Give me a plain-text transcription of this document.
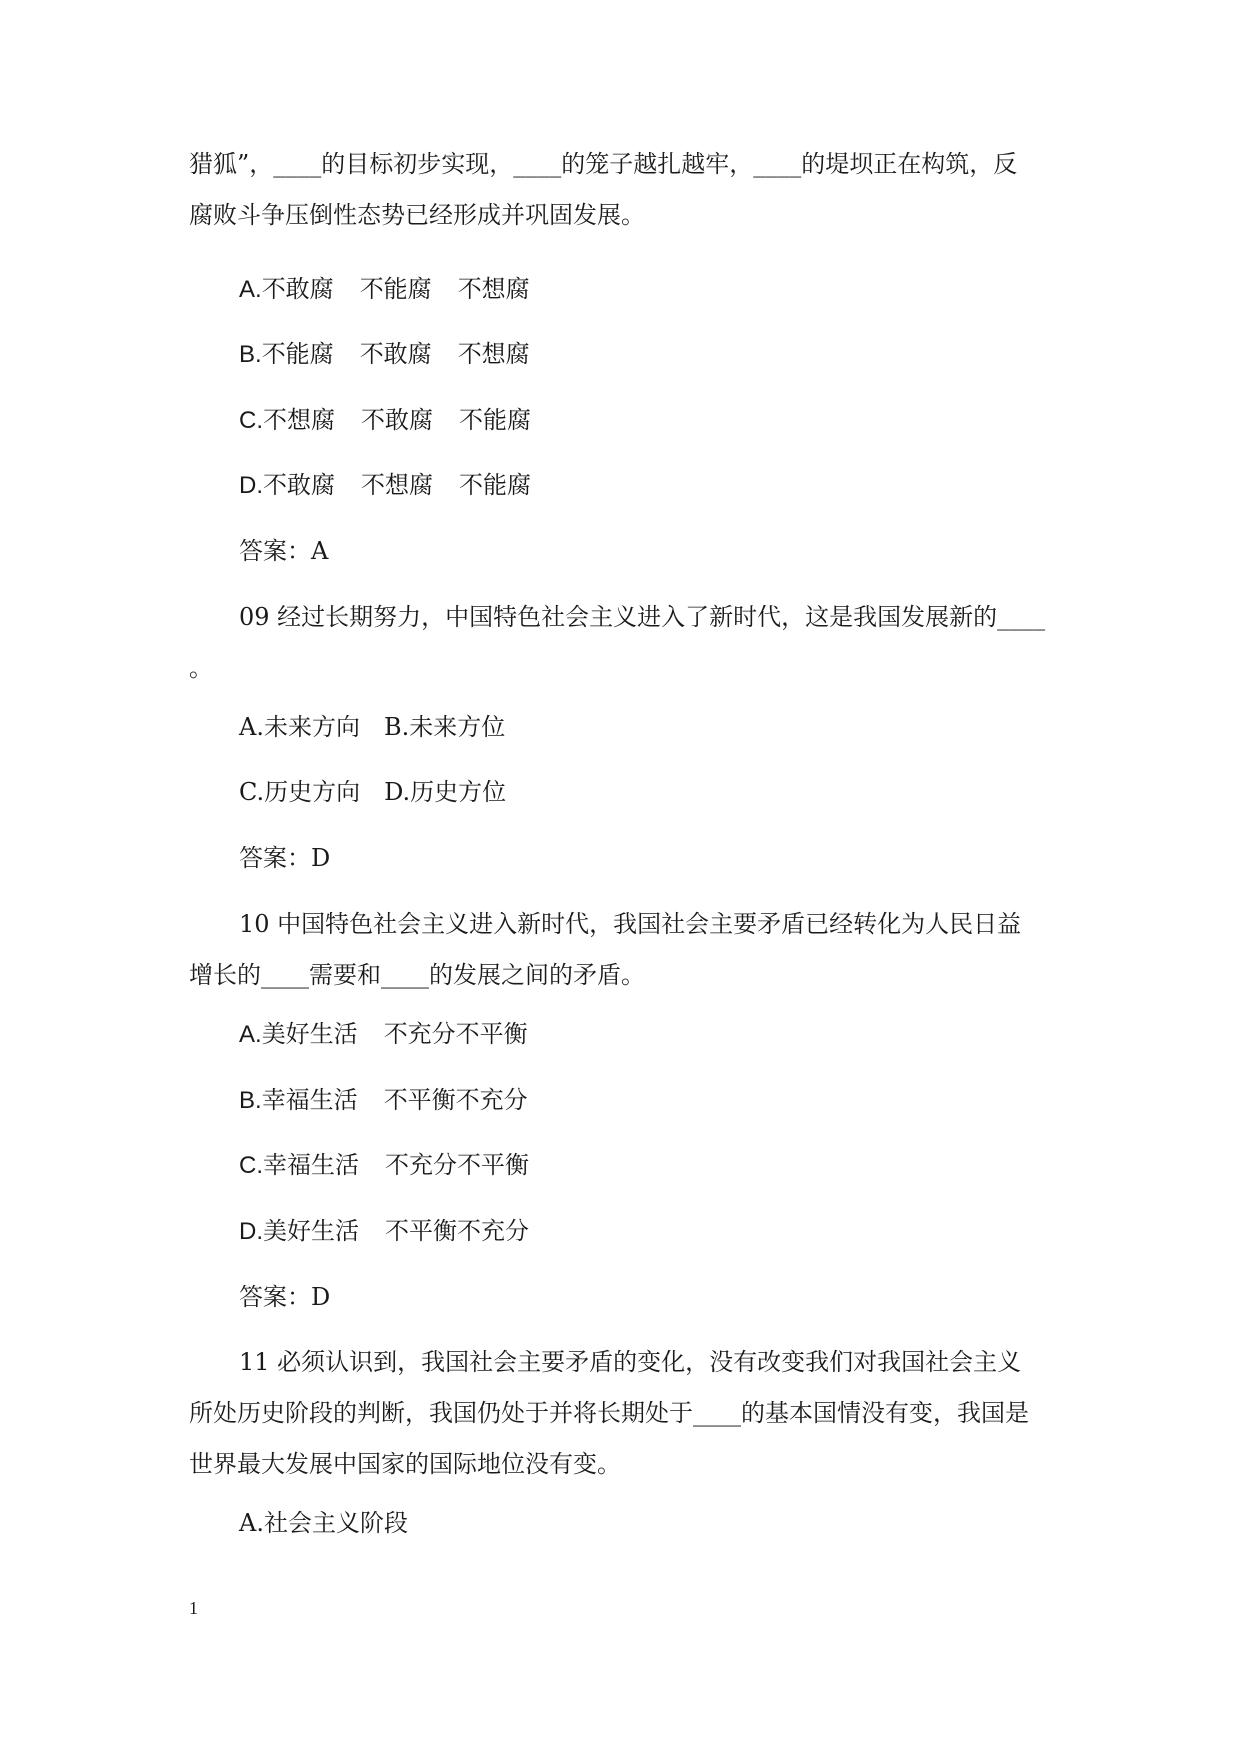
猎狐”，____的目标初步实现，____的笼子越扎越牢，____的堤坝正在构筑，反
腐败斗争压倒性态势已经形成并巩固发展。

A.不敢腐 不能腐 不想腐

B.不能腐 不敢腐 不想腐

C.不想腐 不敢腐 不能腐

D.不敢腐 不想腐 不能腐

答案：A

09 经过长期努力，中国特色社会主义进入了新时代，这是我国发展新的____
。

A.未来方向 B.未来方位

C.历史方向 D.历史方位

答案：D

10 中国特色社会主义进入新时代，我国社会主要矛盾已经转化为人民日益
增长的____需要和____的发展之间的矛盾。

A.美好生活 不充分不平衡

B.幸福生活 不平衡不充分

C.幸福生活 不充分不平衡

D.美好生活 不平衡不充分

答案：D

11 必须认识到，我国社会主要矛盾的变化，没有改变我们对我国社会主义
所处历史阶段的判断，我国仍处于并将长期处于____的基本国情没有变，我国是
世界最大发展中国家的国际地位没有变。

A.社会主义阶段

1
